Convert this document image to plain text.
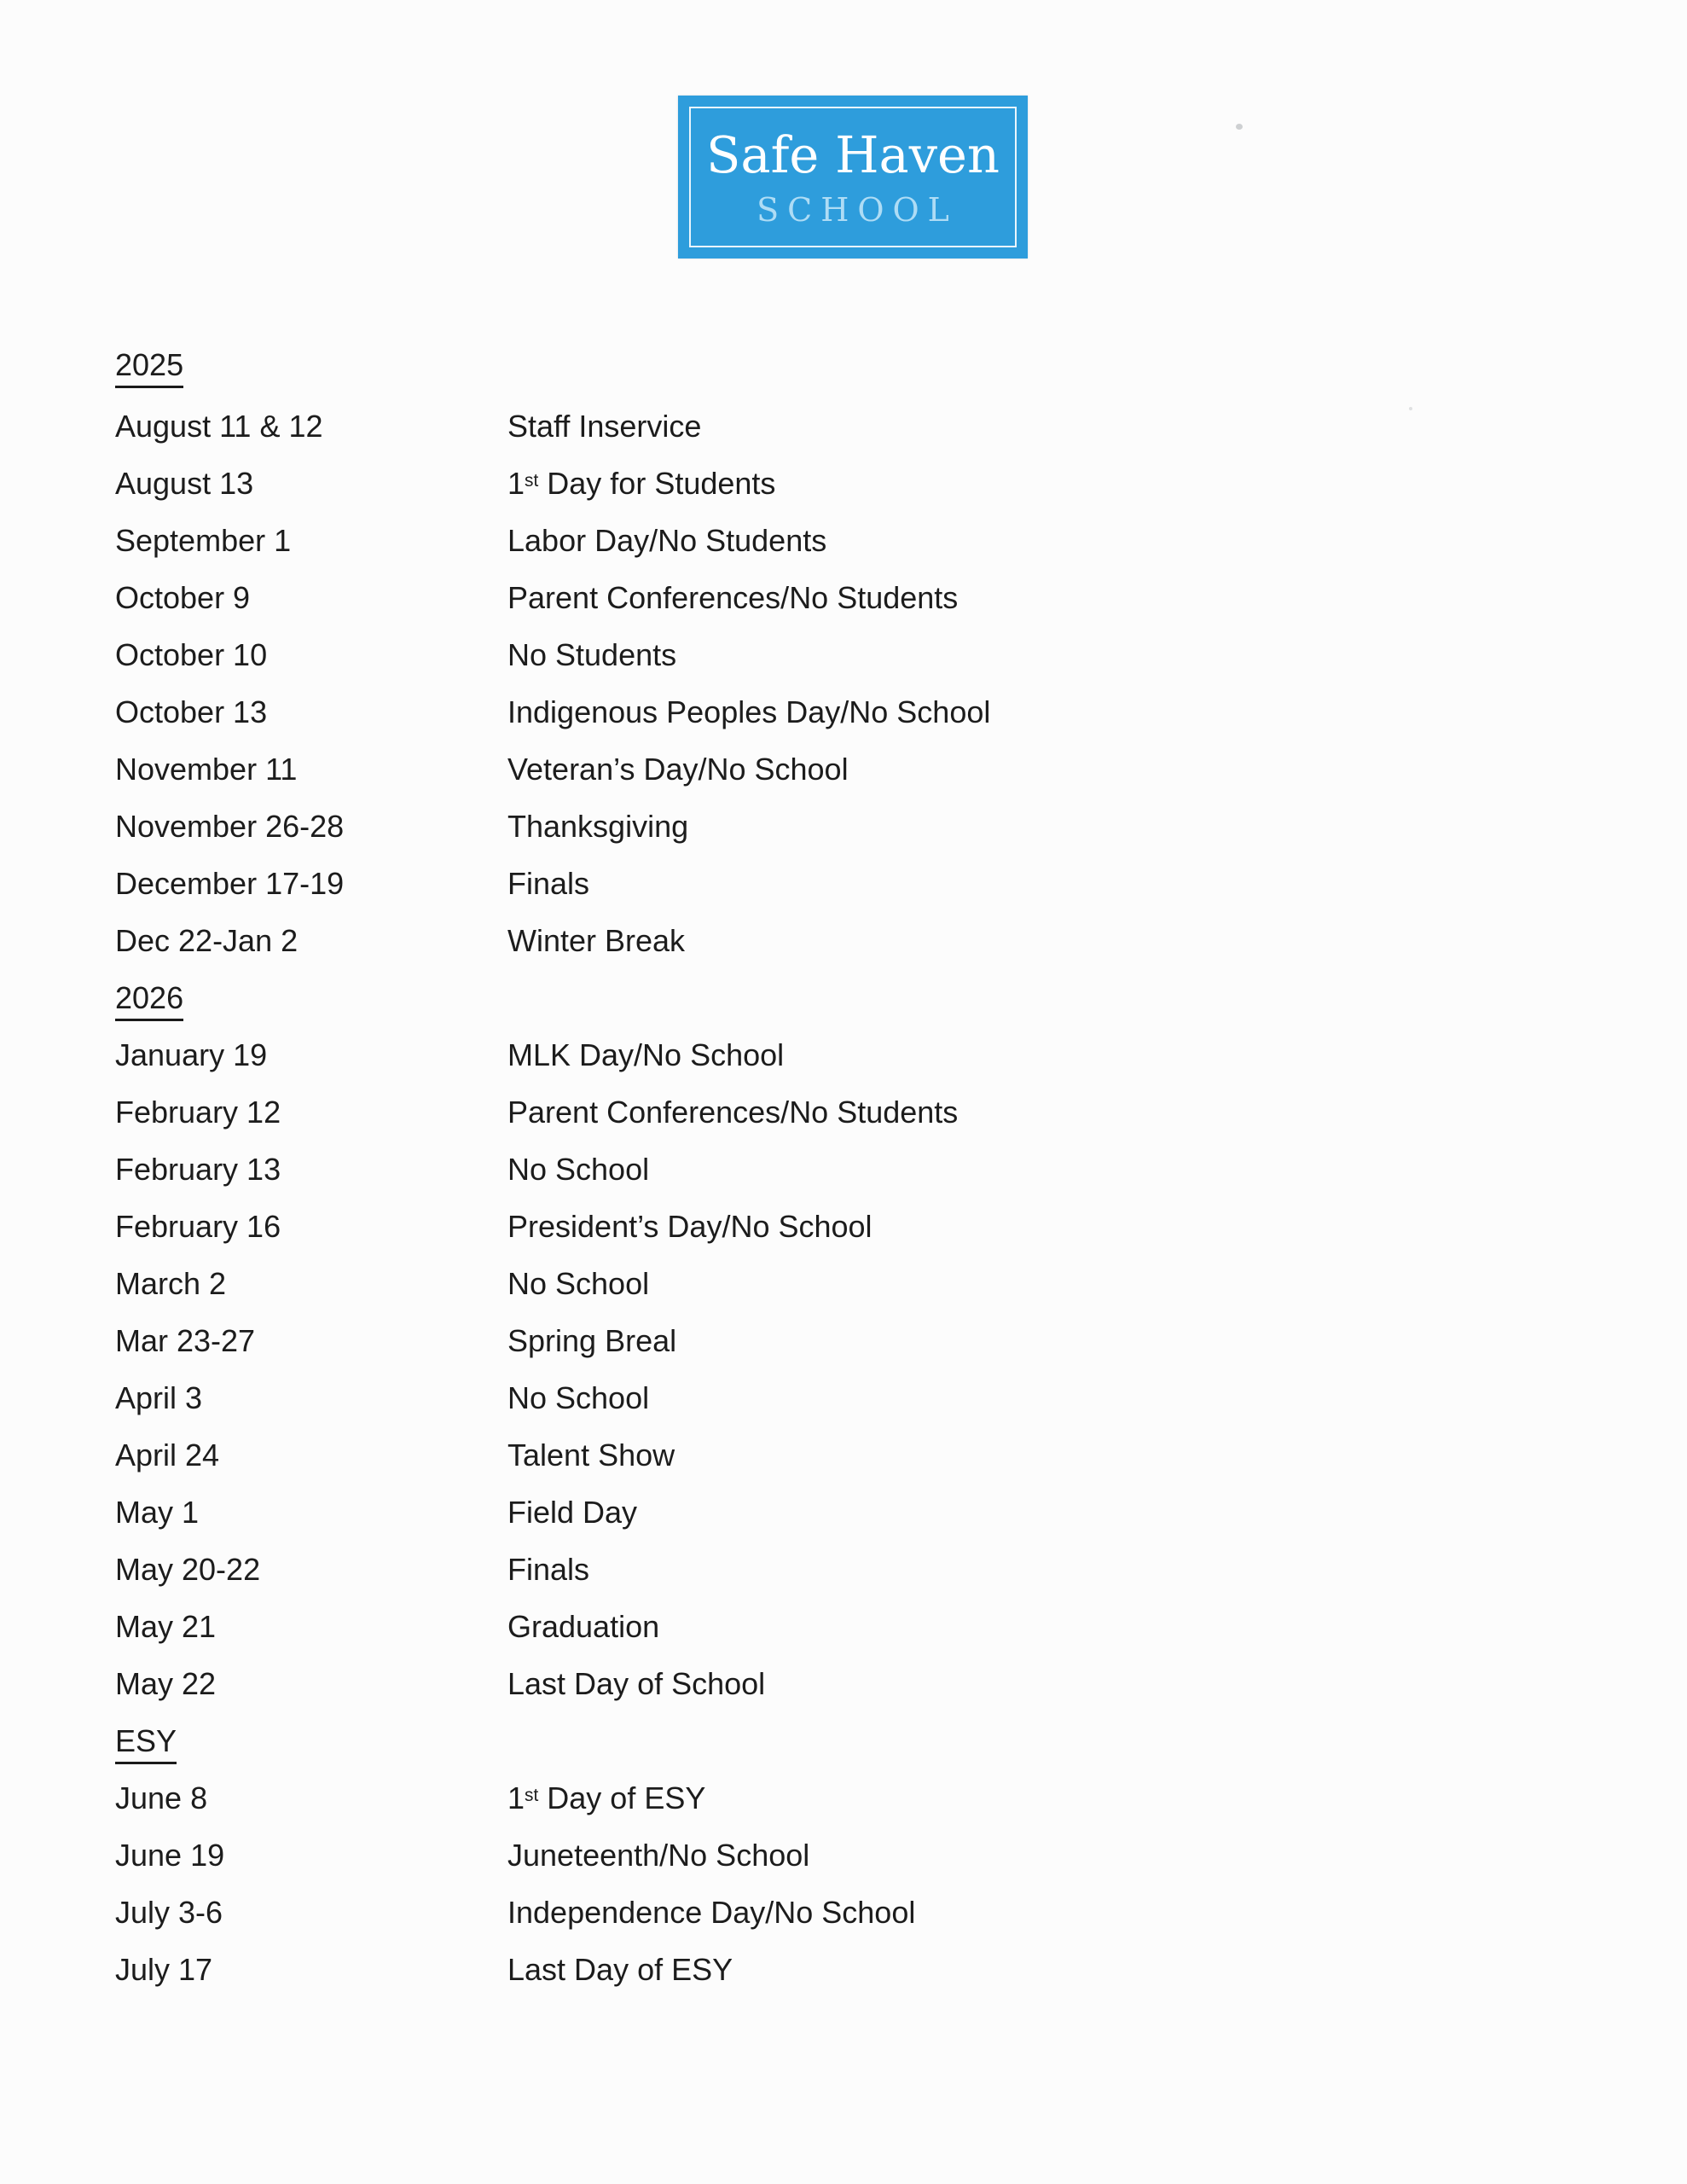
Safe Haven
SCHOOL
2025
August 11 & 12	Staff Inservice
August 13	1st Day for Students
September 1	Labor Day/No Students
October 9	Parent Conferences/No Students
October 10	No Students
October 13	Indigenous Peoples Day/No School
November 11	Veteran’s Day/No School
November 26-28	Thanksgiving
December 17-19	Finals
Dec 22-Jan 2	Winter Break
2026
January 19	MLK Day/No School
February 12	Parent Conferences/No Students
February 13	No School
February 16	President’s Day/No School
March 2	No School
Mar 23-27	Spring Breal
April 3	No School
April 24	Talent Show
May 1	Field Day
May 20-22	Finals
May 21	Graduation
May 22	Last Day of School
ESY
June 8	1st Day of ESY
June 19	Juneteenth/No School
July 3-6	Independence Day/No School
July 17	Last Day of ESY
